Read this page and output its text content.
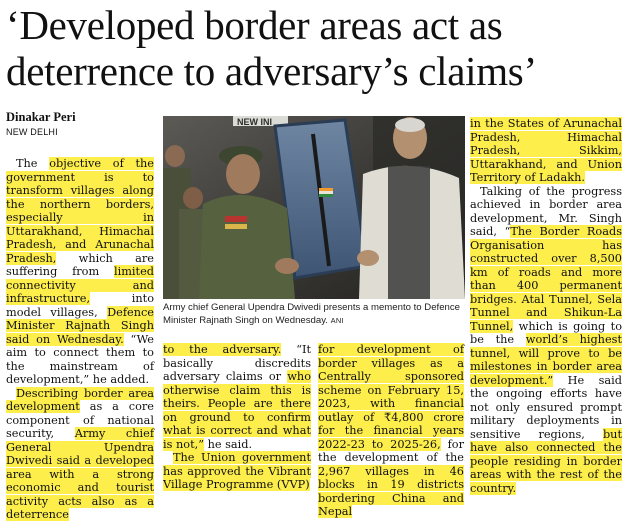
‘Developed border areas act as deterrence to adversary’s claims’
Dinakar Peri
NEW DELHI

The objective of the government is to transform villages along the northern borders, especially in Uttarakhand, Himachal Pradesh, and Arunachal Pradesh, which are suffering from limited connectivity and infrastructure, into model villages, Defence Minister Rajnath Singh said on Wednesday. “We aim to connect them to the mainstream of development,” he added.

Describing border area development as a core component of national security, Army chief General Upendra Dwivedi said a developed area with a strong economic and tourist activity acts also as a deterrence

to the adversary. “It basically discredits adversary claims or who otherwise claim this is theirs. People are there on ground to confirm what is correct and what is not,” he said.

The Union government has approved the Vibrant Village Programme (VVP)

for development of border villages as a Centrally sponsored scheme on February 15, 2023, with financial outlay of ₹4,800 crore for the financial years 2022-23 to 2025-26, for the development of the 2,967 villages in 46 blocks in 19 districts bordering China and Nepal

in the States of Arunachal Pradesh, Himachal Pradesh, Sikkim, Uttarakhand, and Union Territory of Ladakh.

Talking of the progress achieved in border area development, Mr. Singh said, “The Border Roads Organisation has constructed over 8,500 km of roads and more than 400 permanent bridges. Atal Tunnel, Sela Tunnel and Shikun-La Tunnel, which is going to be the world’s highest tunnel, will prove to be milestones in border area development.” He said the ongoing efforts have not only ensured prompt military deployments in sensitive regions, but have also connected the people residing in border areas with the rest of the country.

NEW INI

Army chief General Upendra Dwivedi presents a memento to Defence Minister Rajnath Singh on Wednesday. ANI
